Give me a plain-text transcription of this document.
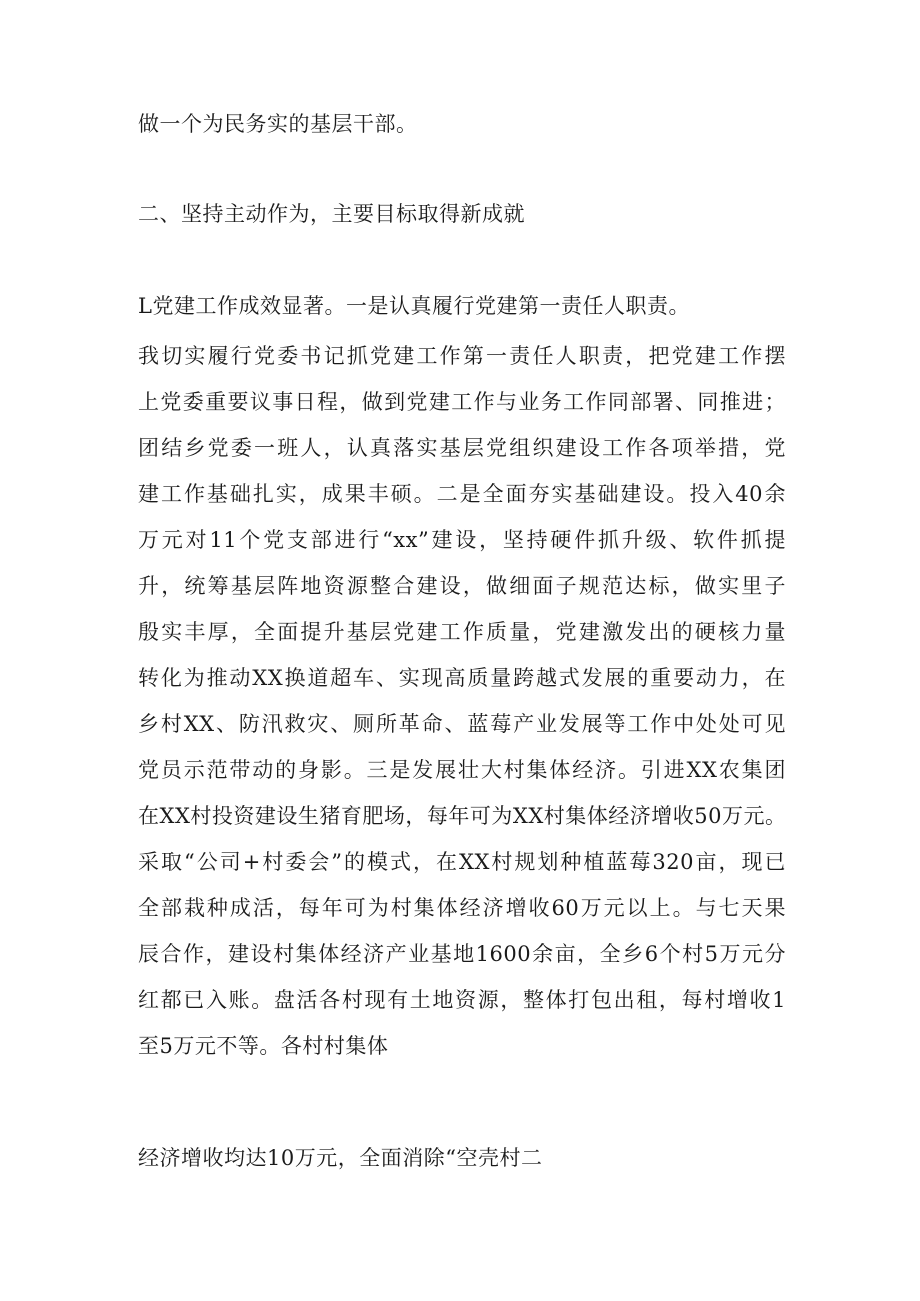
做一个为民务实的基层干部。
二、坚持主动作为，主要目标取得新成就
L党建工作成效显著。一是认真履行党建第一责任人职责。
我切实履行党委书记抓党建工作第一责任人职责，把党建工作摆
上党委重要议事日程，做到党建工作与业务工作同部署、同推进；
团结乡党委一班人，认真落实基层党组织建设工作各项举措，党
建工作基础扎实，成果丰硕。二是全面夯实基础建设。投入40余
万元对11个党支部进行“xx”建设，坚持硬件抓升级、软件抓提
升，统筹基层阵地资源整合建设，做细面子规范达标，做实里子
殷实丰厚，全面提升基层党建工作质量，党建激发出的硬核力量
转化为推动XX换道超车、实现高质量跨越式发展的重要动力，在
乡村XX、防汛救灾、厕所革命、蓝莓产业发展等工作中处处可见
党员示范带动的身影。三是发展壮大村集体经济。引进XX农集团
在XX村投资建设生猪育肥场，每年可为XX村集体经济增收50万元。
采取“公司+村委会”的模式，在XX村规划种植蓝莓320亩，现已
全部栽种成活，每年可为村集体经济增收60万元以上。与七天果
辰合作，建设村集体经济产业基地1600余亩，全乡6个村5万元分
红都已入账。盘活各村现有土地资源，整体打包出租，每村增收1
至5万元不等。各村村集体
经济增收均达10万元，全面消除“空壳村二
